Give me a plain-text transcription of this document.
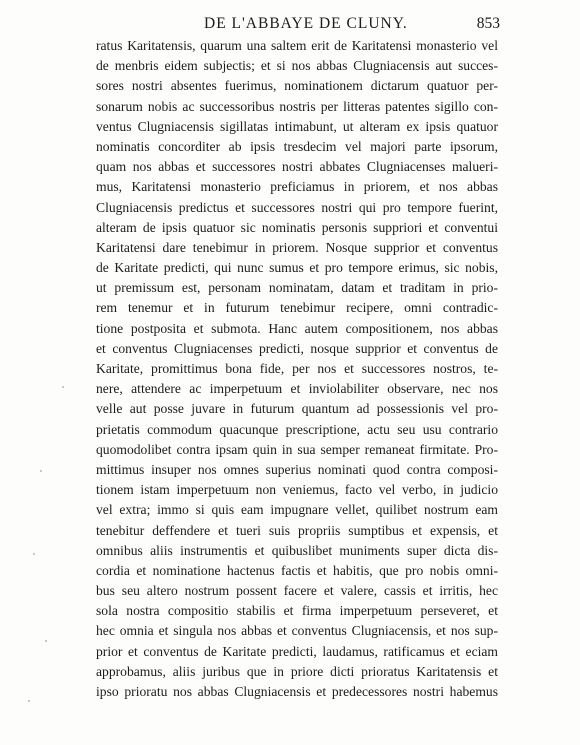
DE L'ABBAYE DE CLUNY.	853
ratus Karitatensis, quarum una saltem erit de Karitatensi monasterio vel
de menbris eidem subjectis; et si nos abbas Clugniacensis aut succes-
sores nostri absentes fuerimus, nominationem dictarum quatuor per-
sonarum nobis ac successoribus nostris per litteras patentes sigillo con-
ventus Clugniacensis sigillatas intimabunt, ut alteram ex ipsis quatuor
nominatis concorditer ab ipsis tresdecim vel majori parte ipsorum,
quam nos abbas et successores nostri abbates Clugniacenses malueri-
mus, Karitatensi monasterio preficiamus in priorem, et nos abbas
Clugniacensis predictus et successores nostri qui pro tempore fuerint,
alteram de ipsis quatuor sic nominatis personis suppriori et conventui
Karitatensi dare tenebimur in priorem. Nosque supprior et conventus
de Karitate predicti, qui nunc sumus et pro tempore erimus, sic nobis,
ut premissum est, personam nominatam, datam et traditam in prio-
rem tenemur et in futurum tenebimur recipere, omni contradic-
tione postposita et submota. Hanc autem compositionem, nos abbas
et conventus Clugniacenses predicti, nosque supprior et conventus de
Karitate, promittimus bona fide, per nos et successores nostros, te-
nere, attendere ac imperpetuum et inviolabiliter observare, nec nos
velle aut posse juvare in futurum quantum ad possessionis vel pro-
prietatis commodum quacunque prescriptione, actu seu usu contrario
quomodolibet contra ipsam quin in sua semper remaneat firmitate. Pro-
mittimus insuper nos omnes superius nominati quod contra composi-
tionem istam imperpetuum non veniemus, facto vel verbo, in judicio
vel extra; immo si quis eam impugnare vellet, quilibet nostrum eam
tenebitur deffendere et tueri suis propriis sumptibus et expensis, et
omnibus aliis instrumentis et quibuslibet muniments super dicta dis-
cordia et nominatione hactenus factis et habitis, que pro nobis omni-
bus seu altero nostrum possent facere et valere, cassis et irritis, hec
sola nostra compositio stabilis et firma imperpetuum perseveret, et
hec omnia et singula nos abbas et conventus Clugniacensis, et nos sup-
prior et conventus de Karitate predicti, laudamus, ratificamus et eciam
approbamus, aliis juribus que in priore dicti prioratus Karitatensis et
ipso prioratu nos abbas Clugniacensis et predecessores nostri habemus
